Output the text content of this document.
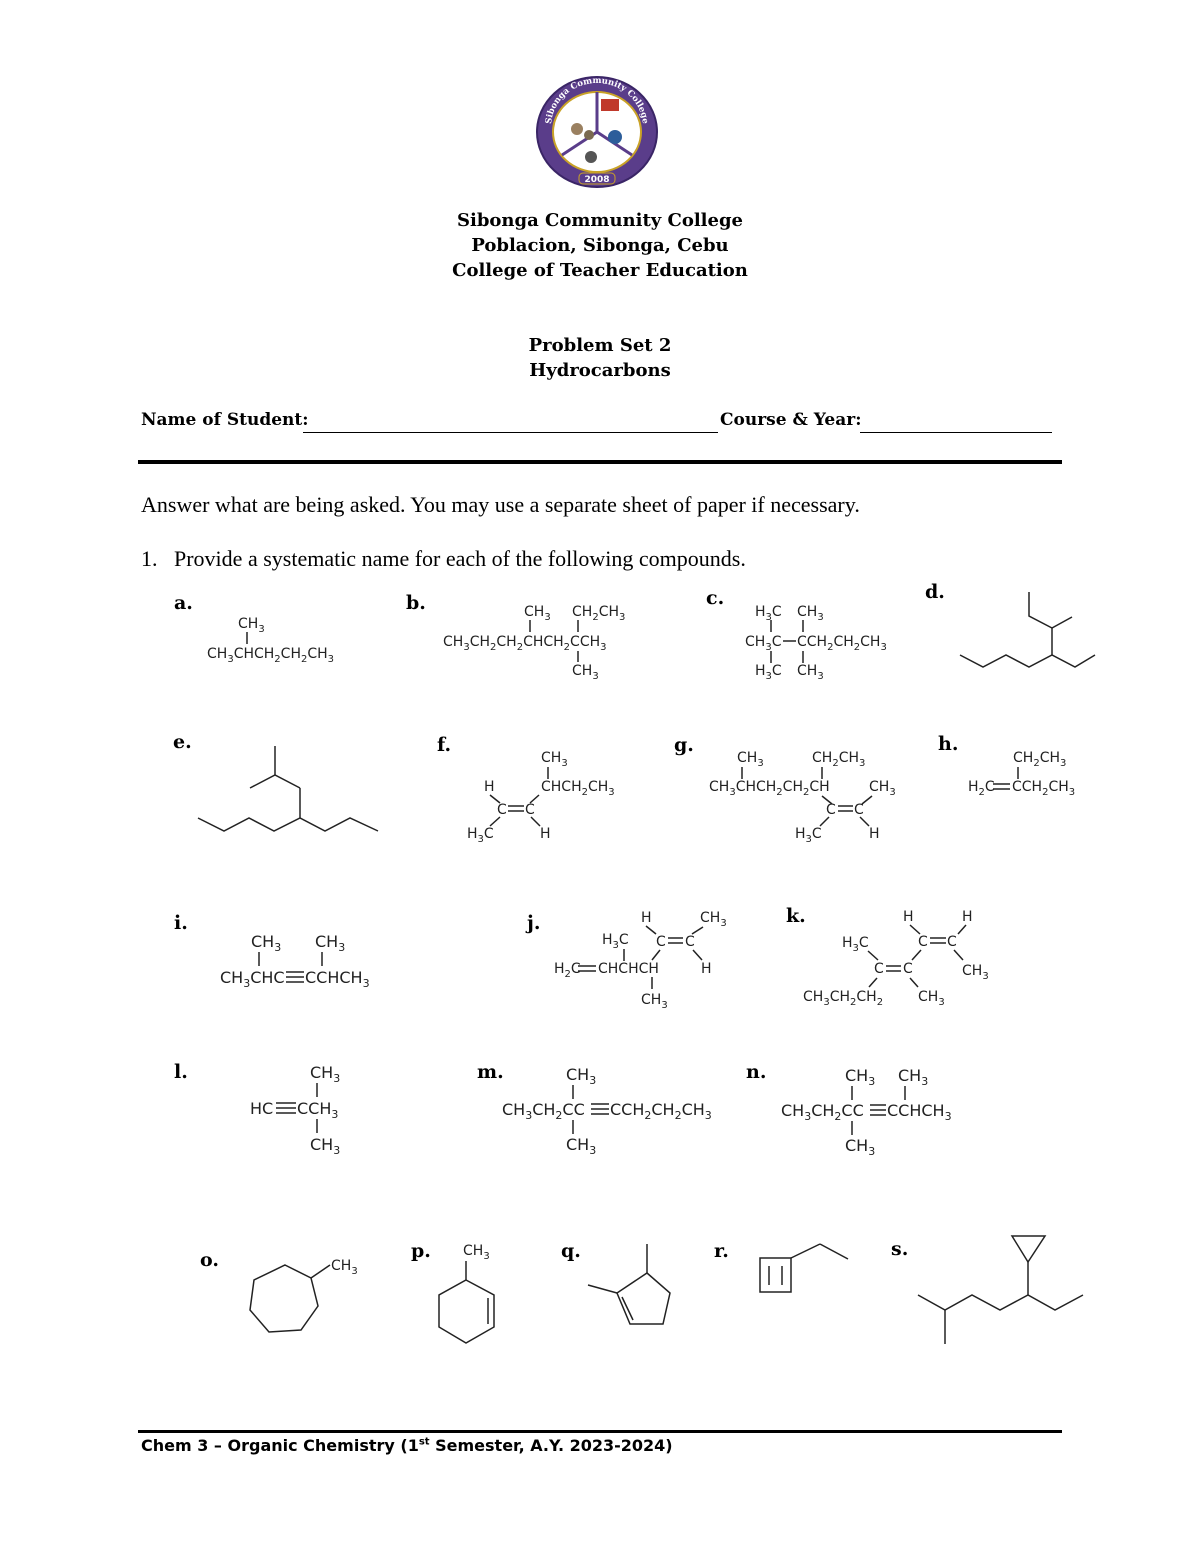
2008
Sibonga Community College
Sibonga Community College
Poblacion, Sibonga, Cebu
College of Teacher Education
Problem Set 2
Hydrocarbons
Name of Student:	Course & Year:
Answer what are being asked. You may use a separate sheet of paper if necessary.
1. Provide a systematic name for each of the following compounds.
a.	b.	c.	d.
e.	f.	g.	h.
i.	j.	k.
l.	m.	n.
o.	p.	q.	r.	s.
$CH_3$
$CH_3CHCH_2CH_2CH_3$
$CH_3$ $CH_2CH_3$
$CH_3CH_2CH_2CHCH_2CCH_3$
$CH_3$
$H_3C$ $CH_3$
$CH_3C$ $CCH_2CH_2CH_3$
$H_3C$ $CH_3$
$CH_3$
$CHCH_2CH_3$
H
C C
$H_3C$	H
$CH_3$	$CH_2CH_3$
$CH_3CHCH_2CH_2CH$	$CH_3$
C C
$H_3C$	H
$CH_2CH_3$
$H_2C$ $CCH_2CH_3$
$CH_3$ $CH_3$
$CH_3CHC$ $CCHCH_3$
H	$CH_3$
$H_3C$ C C
$H_2C$ CHCHCH	H
$CH_3$
H	H
$H_3C$	C C
C C	$CH_3$
$CH_3CH_2CH_2$ $CH_3$
$CH_3$
HC $CCH_3$
$CH_3$
$CH_3$
$CH_3CH_2CC$ $CCH_2CH_2CH_3$
$CH_3$
$CH_3$ $CH_3$
$CH_3CH_2CC$ $CCHCH_3$
$CH_3$
$CH_3$
$CH_3$
Chem 3 – Organic Chemistry (1st Semester, A.Y. 2023-2024)
